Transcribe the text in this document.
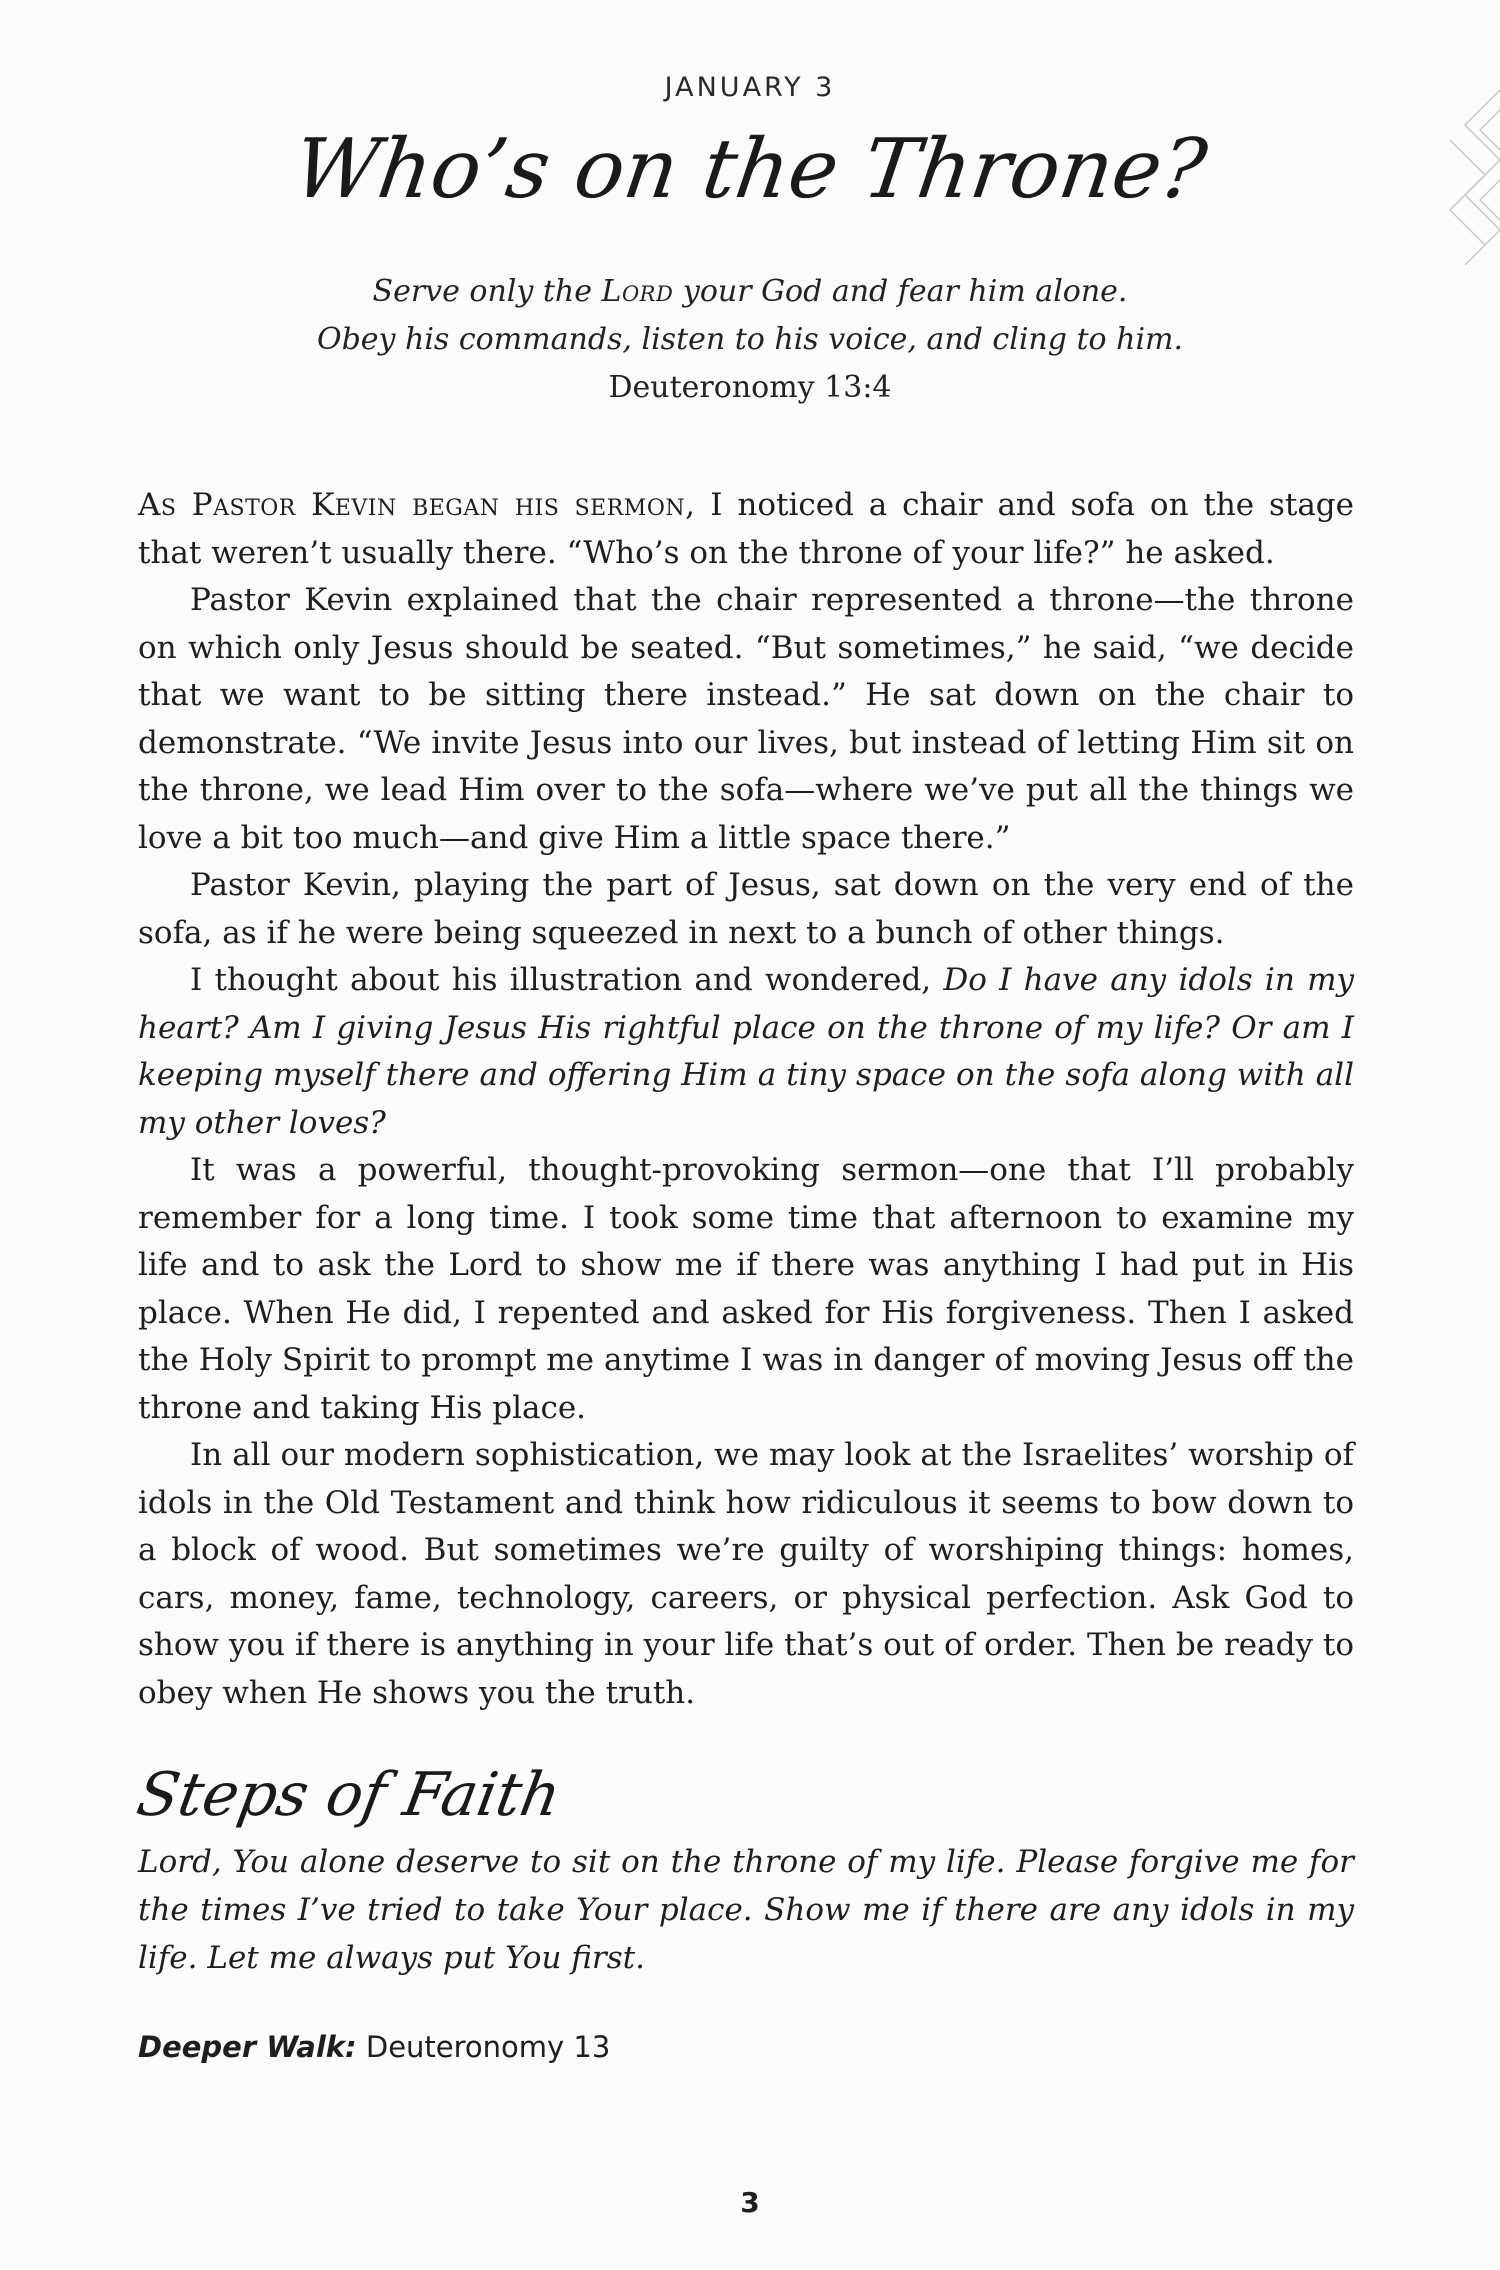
JANUARY 3
Who’s on the Throne?
Serve only the Lord your God and fear him alone.
Obey his commands, listen to his voice, and cling to him.
Deuteronomy 13:4

As Pastor Kevin began his sermon, I noticed a chair and sofa on the stage that weren’t usually there. “Who’s on the throne of your life?” he asked.

Pastor Kevin explained that the chair represented a throne—the throne on which only Jesus should be seated. “But sometimes,” he said, “we decide that we want to be sitting there instead.” He sat down on the chair to demonstrate. “We invite Jesus into our lives, but instead of letting Him sit on the throne, we lead Him over to the sofa—where we’ve put all the things we love a bit too much—and give Him a little space there.”

Pastor Kevin, playing the part of Jesus, sat down on the very end of the sofa, as if he were being squeezed in next to a bunch of other things.

I thought about his illustration and wondered, Do I have any idols in my heart? Am I giving Jesus His rightful place on the throne of my life? Or am I keeping myself there and offering Him a tiny space on the sofa along with all my other loves?

It was a powerful, thought-provoking sermon—one that I’ll probably remember for a long time. I took some time that afternoon to examine my life and to ask the Lord to show me if there was anything I had put in His place. When He did, I repented and asked for His forgiveness. Then I asked the Holy Spirit to prompt me anytime I was in danger of moving Jesus off the throne and taking His place.

In all our modern sophistication, we may look at the Israelites’ worship of idols in the Old Testament and think how ridiculous it seems to bow down to a block of wood. But sometimes we’re guilty of worshiping things: homes, cars, money, fame, technology, careers, or physical perfection. Ask God to show you if there is anything in your life that’s out of order. Then be ready to obey when He shows you the truth.

Steps of Faith
Lord, You alone deserve to sit on the throne of my life. Please forgive me for the times I’ve tried to take Your place. Show me if there are any idols in my life. Let me always put You first.
Deeper Walk: Deuteronomy 13
3
